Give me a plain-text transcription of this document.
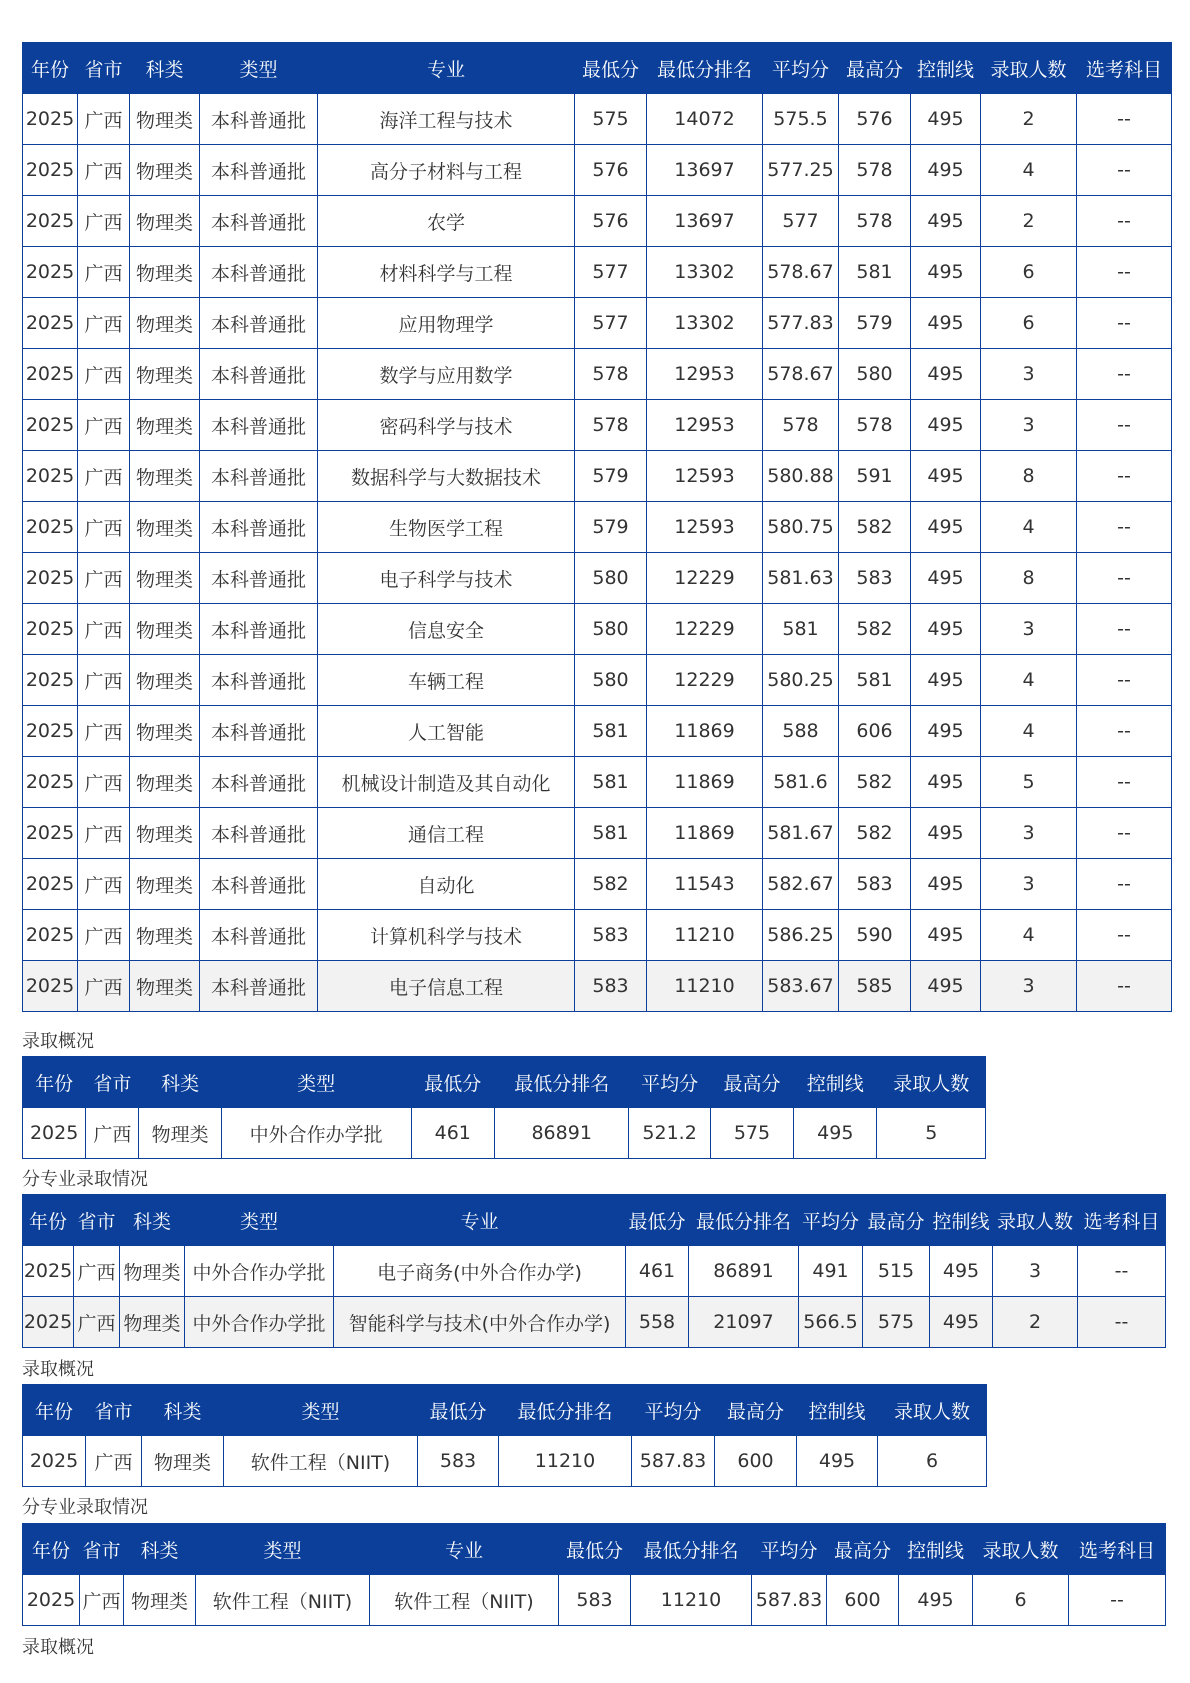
年份	省市	科类	类型	专业	最低分	最低分排名	平均分	最高分	控制线	录取人数	选考科目
2025	广西	物理类	本科普通批	海洋工程与技术	575	14072	575.5	576	495	2	--
2025	广西	物理类	本科普通批	高分子材料与工程	576	13697	577.25	578	495	4	--
2025	广西	物理类	本科普通批	农学	576	13697	577	578	495	2	--
2025	广西	物理类	本科普通批	材料科学与工程	577	13302	578.67	581	495	6	--
2025	广西	物理类	本科普通批	应用物理学	577	13302	577.83	579	495	6	--
2025	广西	物理类	本科普通批	数学与应用数学	578	12953	578.67	580	495	3	--
2025	广西	物理类	本科普通批	密码科学与技术	578	12953	578	578	495	3	--
2025	广西	物理类	本科普通批	数据科学与大数据技术	579	12593	580.88	591	495	8	--
2025	广西	物理类	本科普通批	生物医学工程	579	12593	580.75	582	495	4	--
2025	广西	物理类	本科普通批	电子科学与技术	580	12229	581.63	583	495	8	--
2025	广西	物理类	本科普通批	信息安全	580	12229	581	582	495	3	--
2025	广西	物理类	本科普通批	车辆工程	580	12229	580.25	581	495	4	--
2025	广西	物理类	本科普通批	人工智能	581	11869	588	606	495	4	--
2025	广西	物理类	本科普通批	机械设计制造及其自动化	581	11869	581.6	582	495	5	--
2025	广西	物理类	本科普通批	通信工程	581	11869	581.67	582	495	3	--
2025	广西	物理类	本科普通批	自动化	582	11543	582.67	583	495	3	--
2025	广西	物理类	本科普通批	计算机科学与技术	583	11210	586.25	590	495	4	--
2025	广西	物理类	本科普通批	电子信息工程	583	11210	583.67	585	495	3	--
录取概况
年份	省市	科类	类型	最低分	最低分排名	平均分	最高分	控制线	录取人数
2025	广西	物理类	中外合作办学批	461	86891	521.2	575	495	5
分专业录取情况
年份	省市	科类	类型	专业	最低分	最低分排名	平均分	最高分	控制线	录取人数	选考科目
2025	广西	物理类	中外合作办学批	电子商务(中外合作办学)	461	86891	491	515	495	3	--
2025	广西	物理类	中外合作办学批	智能科学与技术(中外合作办学)	558	21097	566.5	575	495	2	--
录取概况
年份	省市	科类	类型	最低分	最低分排名	平均分	最高分	控制线	录取人数
2025	广西	物理类	软件工程（NIIT)	583	11210	587.83	600	495	6
分专业录取情况
年份	省市	科类	类型	专业	最低分	最低分排名	平均分	最高分	控制线	录取人数	选考科目
2025	广西	物理类	软件工程（NIIT)	软件工程（NIIT)	583	11210	587.83	600	495	6	--
录取概况
